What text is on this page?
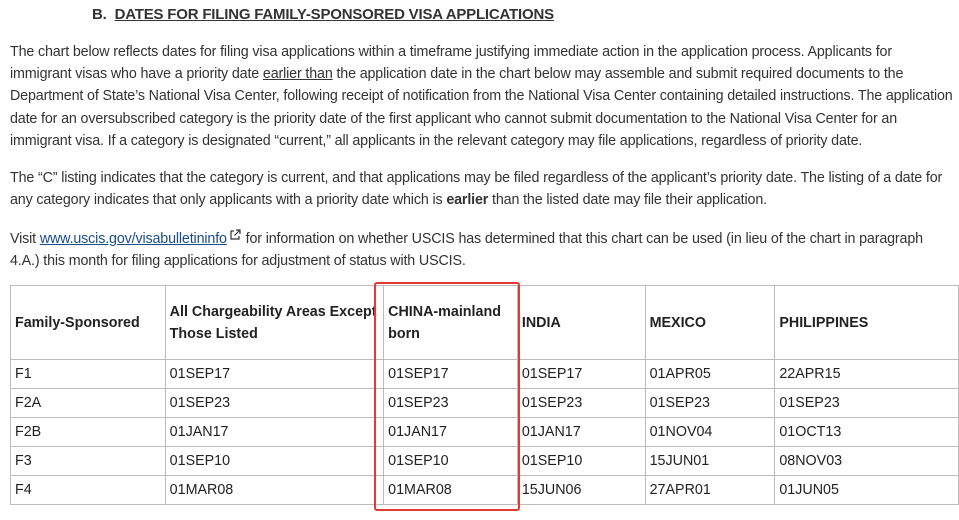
B. DATES FOR FILING FAMILY-SPONSORED VISA APPLICATIONS

The chart below reflects dates for filing visa applications within a timeframe justifying immediate action in the application process. Applicants for immigrant visas who have a priority date earlier than the application date in the chart below may assemble and submit required documents to the Department of State’s National Visa Center, following receipt of notification from the National Visa Center containing detailed instructions. The application date for an oversubscribed category is the priority date of the first applicant who cannot submit documentation to the National Visa Center for an immigrant visa. If a category is designated “current,” all applicants in the relevant category may file applications, regardless of priority date.

The “C” listing indicates that the category is current, and that applications may be filed regardless of the applicant’s priority date. The listing of a date for any category indicates that only applicants with a priority date which is earlier than the listed date may file their application.

Visit www.uscis.gov/visabulletininfo for information on whether USCIS has determined that this chart can be used (in lieu of the chart in paragraph 4.A.) this month for filing applications for adjustment of status with USCIS.

Family-Sponsored	All Chargeability Areas Except Those Listed	CHINA-mainland born	INDIA	MEXICO	PHILIPPINES
F1	01SEP17	01SEP17	01SEP17	01APR05	22APR15
F2A	01SEP23	01SEP23	01SEP23	01SEP23	01SEP23
F2B	01JAN17	01JAN17	01JAN17	01NOV04	01OCT13
F3	01SEP10	01SEP10	01SEP10	15JUN01	08NOV03
F4	01MAR08	01MAR08	15JUN06	27APR01	01JUN05
